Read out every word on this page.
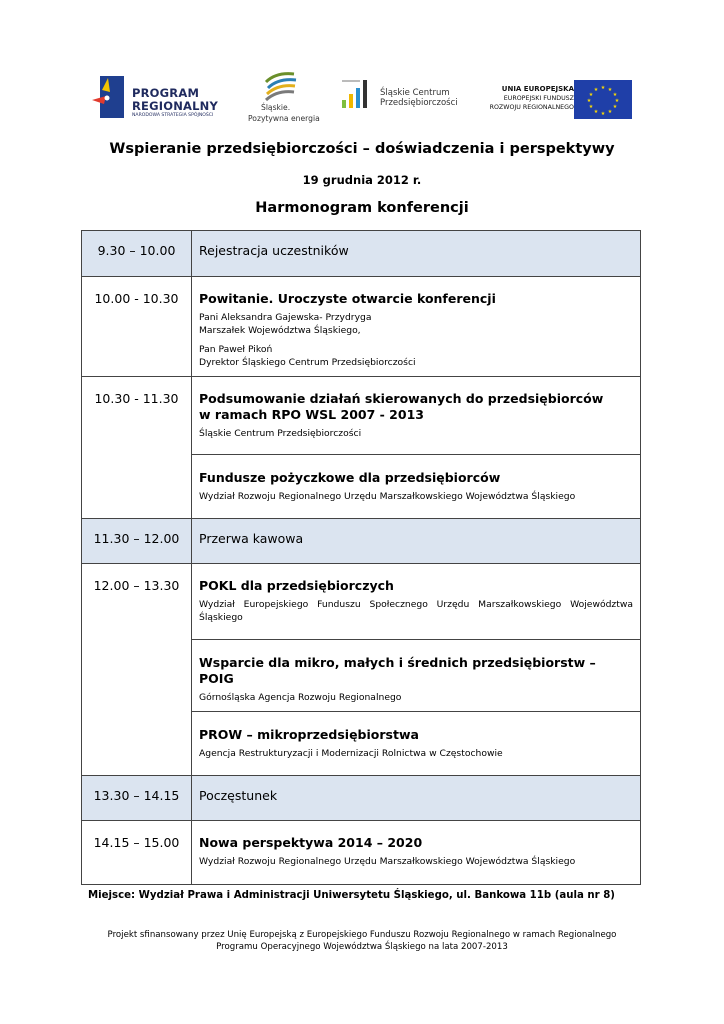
PROGRAM
REGIONALNY
NARODOWA STRATEGIA SPÓJNOŚCI
Śląskie.
Pozytywna energia
Śląskie Centrum
Przedsiębiorczości
UNIA EUROPEJSKA
EUROPEJSKI FUNDUSZ
ROZWOJU REGIONALNEGO
★ ★
★
★
★
★
★
★
★
★
★
★
Wspieranie przedsiębiorczości – doświadczenia i perspektywy
19 grudnia 2012 r.
Harmonogram konferencji
9.30 – 10.00	Rejestracja uczestników

10.00 - 10.30	Powitanie. Uroczyste otwarcie konferencji
Pani Aleksandra Gajewska- Przydryga
Marszałek Województwa Śląskiego,
Pan Paweł Pikoń
Dyrektor Śląskiego Centrum Przedsiębiorczości

10.30 - 11.30	Podsumowanie działań skierowanych do przedsiębiorców
w ramach RPO WSL 2007 - 2013
Śląskie Centrum Przedsiębiorczości

	Fundusze pożyczkowe dla przedsiębiorców
Wydział Rozwoju Regionalnego Urzędu Marszałkowskiego Województwa Śląskiego

11.30 – 12.00	Przerwa kawowa

12.00 – 13.30	POKL dla przedsiębiorczych
Wydział Europejskiego Funduszu Społecznego Urzędu Marszałkowskiego Województwa Śląskiego

	Wsparcie dla mikro, małych i średnich przedsiębiorstw – POIG
Górnośląska Agencja Rozwoju Regionalnego

	PROW – mikroprzedsiębiorstwa
Agencja Restrukturyzacji i Modernizacji Rolnictwa w Częstochowie

13.30 – 14.15	Poczęstunek

14.15 – 15.00	Nowa perspektywa 2014 – 2020
Wydział Rozwoju Regionalnego Urzędu Marszałkowskiego Województwa Śląskiego
Miejsce: Wydział Prawa i Administracji Uniwersytetu Śląskiego, ul. Bankowa 11b (aula nr 8)
Projekt sfinansowany przez Unię Europejską z Europejskiego Funduszu Rozwoju Regionalnego w ramach Regionalnego
Programu Operacyjnego Województwa Śląskiego na lata 2007-2013
